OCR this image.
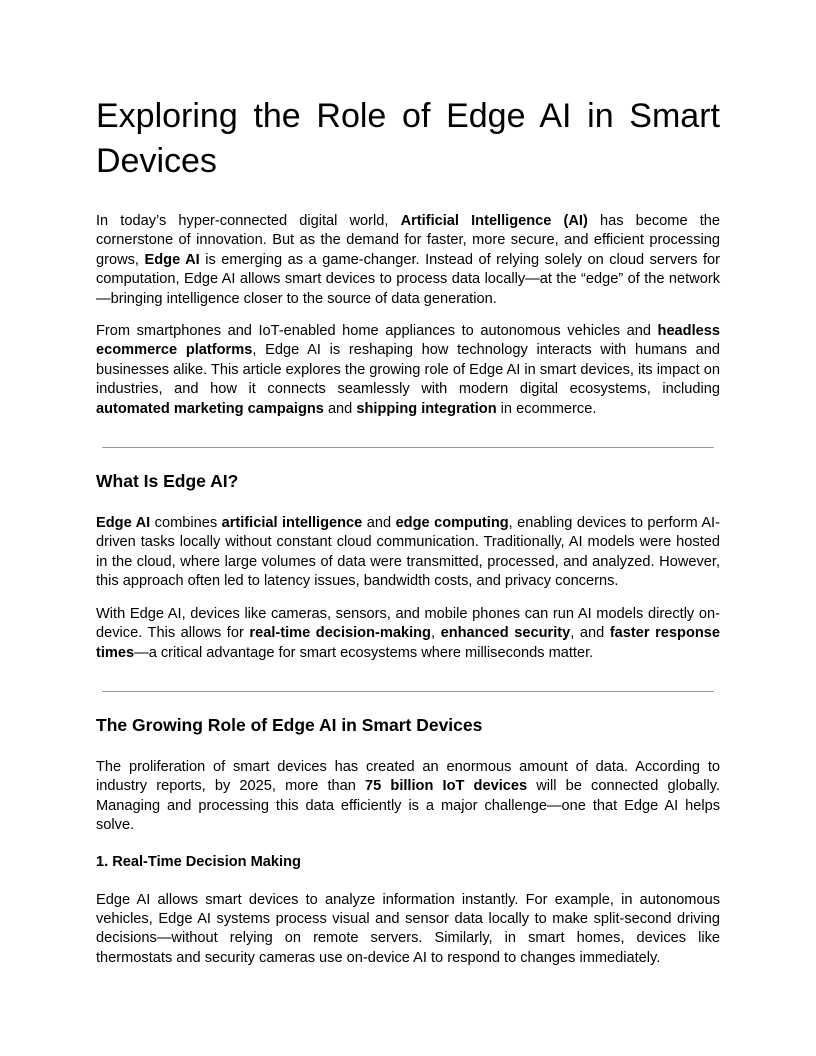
Exploring the Role of Edge AI in Smart
Devices

In today’s hyper-connected digital world, Artificial Intelligence (AI) has become the cornerstone of innovation. But as the demand for faster, more secure, and efficient processing grows, Edge AI is emerging as a game-changer. Instead of relying solely on cloud servers for computation, Edge AI allows smart devices to process data locally—at the “edge” of the network—bringing intelligence closer to the source of data generation.

From smartphones and IoT-enabled home appliances to autonomous vehicles and headless ecommerce platforms, Edge AI is reshaping how technology interacts with humans and businesses alike. This article explores the growing role of Edge AI in smart devices, its impact on industries, and how it connects seamlessly with modern digital ecosystems, including automated marketing campaigns and shipping integration in ecommerce.

What Is Edge AI?

Edge AI combines artificial intelligence and edge computing, enabling devices to perform AI-driven tasks locally without constant cloud communication. Traditionally, AI models were hosted in the cloud, where large volumes of data were transmitted, processed, and analyzed. However, this approach often led to latency issues, bandwidth costs, and privacy concerns.

With Edge AI, devices like cameras, sensors, and mobile phones can run AI models directly on-device. This allows for real-time decision-making, enhanced security, and faster response times—a critical advantage for smart ecosystems where milliseconds matter.

The Growing Role of Edge AI in Smart Devices

The proliferation of smart devices has created an enormous amount of data. According to industry reports, by 2025, more than 75 billion IoT devices will be connected globally. Managing and processing this data efficiently is a major challenge—one that Edge AI helps solve.

1. Real-Time Decision Making

Edge AI allows smart devices to analyze information instantly. For example, in autonomous vehicles, Edge AI systems process visual and sensor data locally to make split-second driving decisions—without relying on remote servers. Similarly, in smart homes, devices like thermostats and security cameras use on-device AI to respond to changes immediately.
